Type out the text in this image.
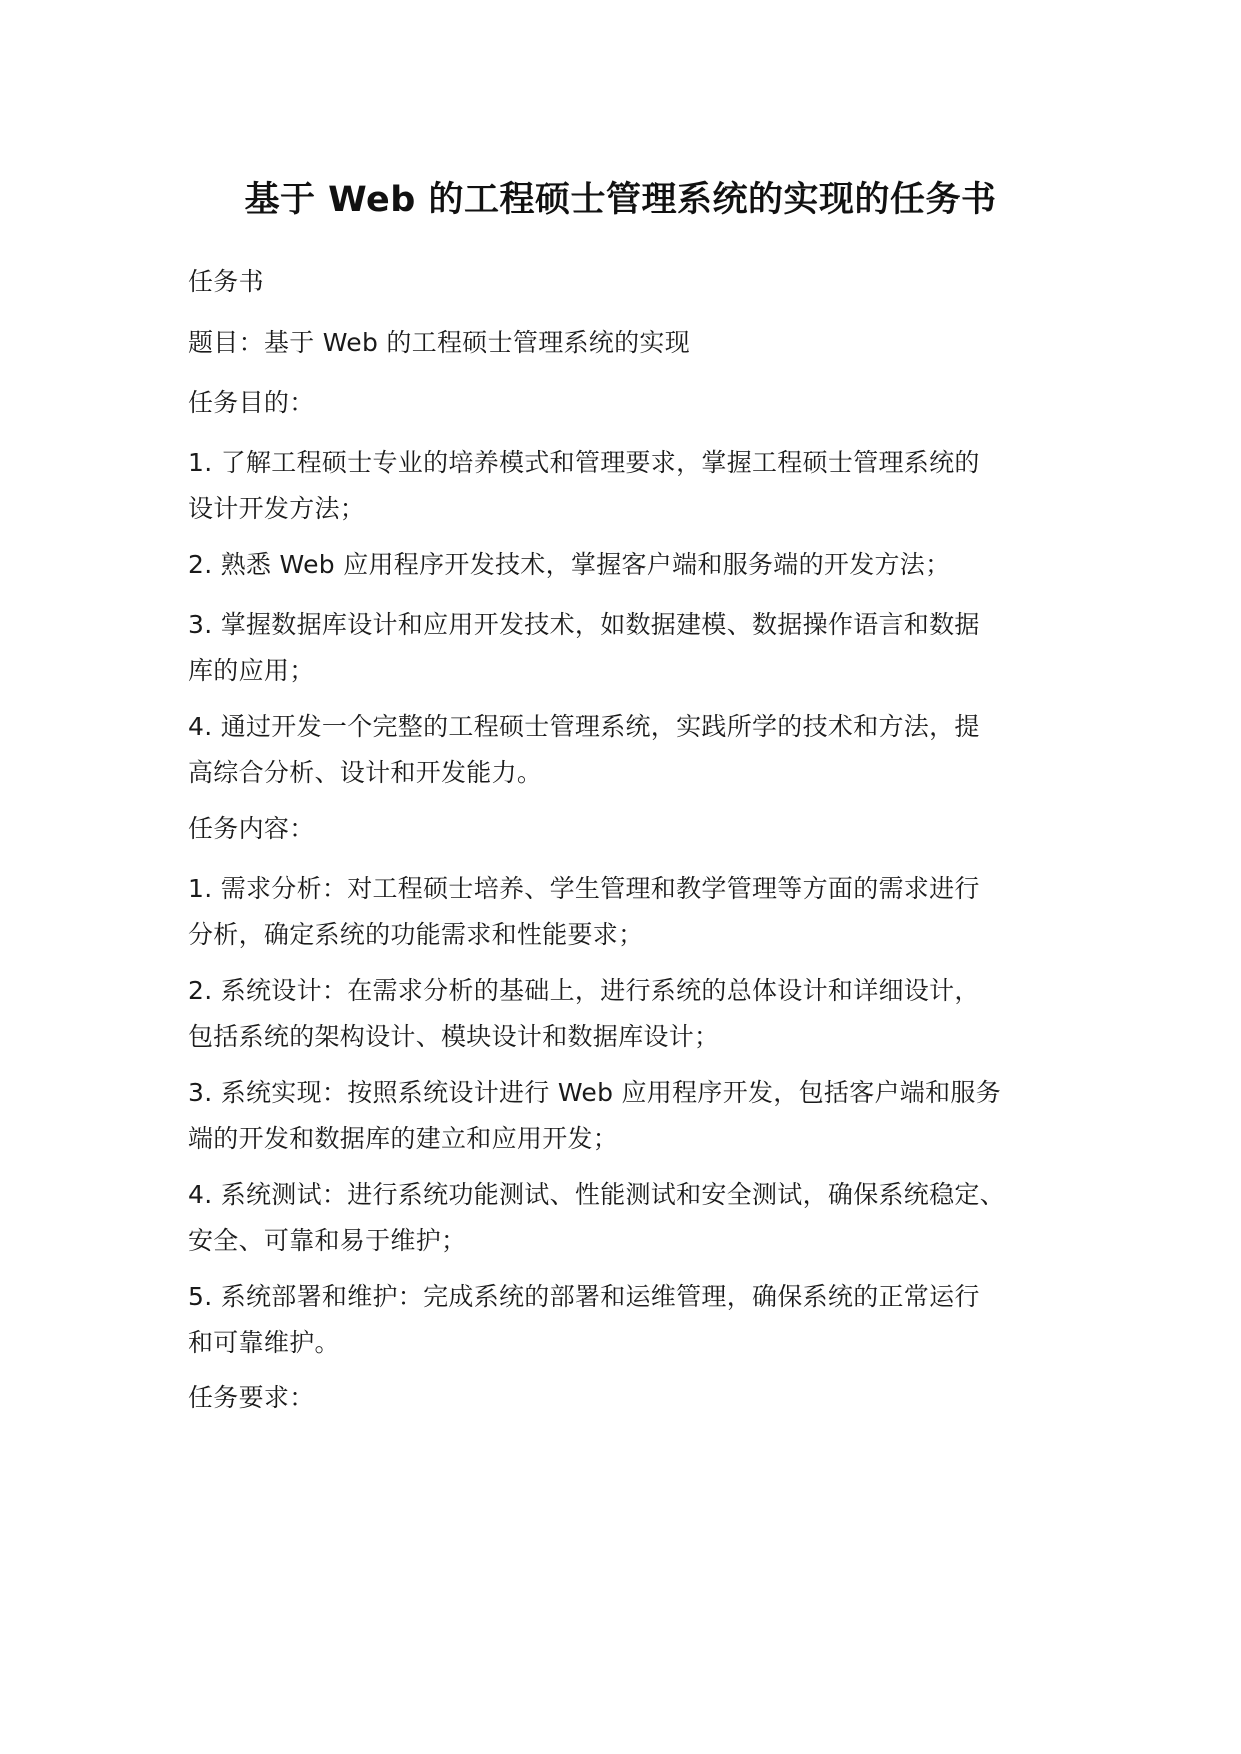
基于 Web 的工程硕士管理系统的实现的任务书
任务书
题目：基于 Web 的工程硕士管理系统的实现
任务目的：
1. 了解工程硕士专业的培养模式和管理要求，掌握工程硕士管理系统的
设计开发方法；
2. 熟悉 Web 应用程序开发技术，掌握客户端和服务端的开发方法；
3. 掌握数据库设计和应用开发技术，如数据建模、数据操作语言和数据
库的应用；
4. 通过开发一个完整的工程硕士管理系统，实践所学的技术和方法，提
高综合分析、设计和开发能力。
任务内容：
1. 需求分析：对工程硕士培养、学生管理和教学管理等方面的需求进行
分析，确定系统的功能需求和性能要求；
2. 系统设计：在需求分析的基础上，进行系统的总体设计和详细设计，
包括系统的架构设计、模块设计和数据库设计；
3. 系统实现：按照系统设计进行 Web 应用程序开发，包括客户端和服务
端的开发和数据库的建立和应用开发；
4. 系统测试：进行系统功能测试、性能测试和安全测试，确保系统稳定、
安全、可靠和易于维护；
5. 系统部署和维护：完成系统的部署和运维管理，确保系统的正常运行
和可靠维护。
任务要求：
